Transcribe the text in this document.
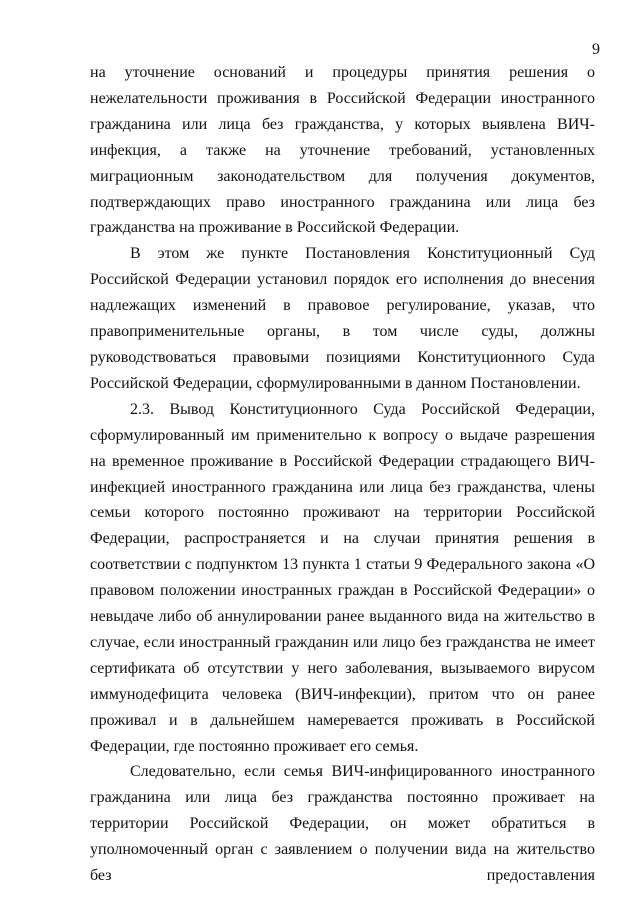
9

на уточнение оснований и процедуры принятия решения о нежелательности проживания в Российской Федерации иностранного гражданина или лица без гражданства, у которых выявлена ВИЧ-инфекция, а также на уточнение требований, установленных миграционным законодательством для получения документов, подтверждающих право иностранного гражданина или лица без гражданства на проживание в Российской Федерации.

В этом же пункте Постановления Конституционный Суд Российской Федерации установил порядок его исполнения до внесения надлежащих изменений в правовое регулирование, указав, что правоприменительные органы, в том числе суды, должны руководствоваться правовыми позициями Конституционного Суда Российской Федерации, сформулированными в данном Постановлении.

2.3. Вывод Конституционного Суда Российской Федерации, сформулированный им применительно к вопросу о выдаче разрешения на временное проживание в Российской Федерации страдающего ВИЧ-инфекцией иностранного гражданина или лица без гражданства, члены семьи которого постоянно проживают на территории Российской Федерации, распространяется и на случаи принятия решения в соответствии с подпунктом 13 пункта 1 статьи 9 Федерального закона «О правовом положении иностранных граждан в Российской Федерации» о невыдаче либо об аннулировании ранее выданного вида на жительство в случае, если иностранный гражданин или лицо без гражданства не имеет сертификата об отсутствии у него заболевания, вызываемого вирусом иммунодефицита человека (ВИЧ-инфекции), притом что он ранее проживал и в дальнейшем намеревается проживать в Российской Федерации, где постоянно проживает его семья.

Следовательно, если семья ВИЧ-инфицированного иностранного гражданина или лица без гражданства постоянно проживает на территории Российской Федерации, он может обратиться в уполномоченный орган с заявлением о получении вида на жительство без предоставления
